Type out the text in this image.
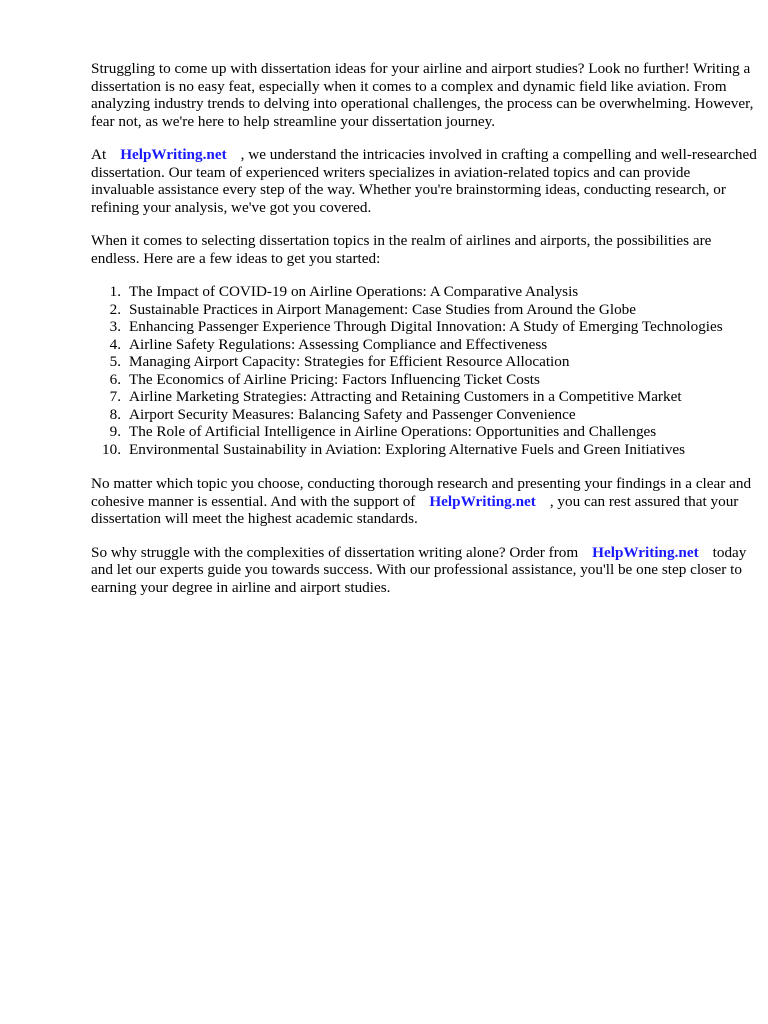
Struggling to come up with dissertation ideas for your airline and airport studies? Look no further! Writing a dissertation is no easy feat, especially when it comes to a complex and dynamic field like aviation. From analyzing industry trends to delving into operational challenges, the process can be overwhelming. However, fear not, as we're here to help streamline your dissertation journey.

At HelpWriting.net , we understand the intricacies involved in crafting a compelling and well-researched dissertation. Our team of experienced writers specializes in aviation-related topics and can provide invaluable assistance every step of the way. Whether you're brainstorming ideas, conducting research, or refining your analysis, we've got you covered.

When it comes to selecting dissertation topics in the realm of airlines and airports, the possibilities are endless. Here are a few ideas to get you started:

1. The Impact of COVID-19 on Airline Operations: A Comparative Analysis
2. Sustainable Practices in Airport Management: Case Studies from Around the Globe
3. Enhancing Passenger Experience Through Digital Innovation: A Study of Emerging Technologies
4. Airline Safety Regulations: Assessing Compliance and Effectiveness
5. Managing Airport Capacity: Strategies for Efficient Resource Allocation
6. The Economics of Airline Pricing: Factors Influencing Ticket Costs
7. Airline Marketing Strategies: Attracting and Retaining Customers in a Competitive Market
8. Airport Security Measures: Balancing Safety and Passenger Convenience
9. The Role of Artificial Intelligence in Airline Operations: Opportunities and Challenges
10. Environmental Sustainability in Aviation: Exploring Alternative Fuels and Green Initiatives

No matter which topic you choose, conducting thorough research and presenting your findings in a clear and cohesive manner is essential. And with the support of HelpWriting.net , you can rest assured that your dissertation will meet the highest academic standards.

So why struggle with the complexities of dissertation writing alone? Order from HelpWriting.net today and let our experts guide you towards success. With our professional assistance, you'll be one step closer to earning your degree in airline and airport studies.
